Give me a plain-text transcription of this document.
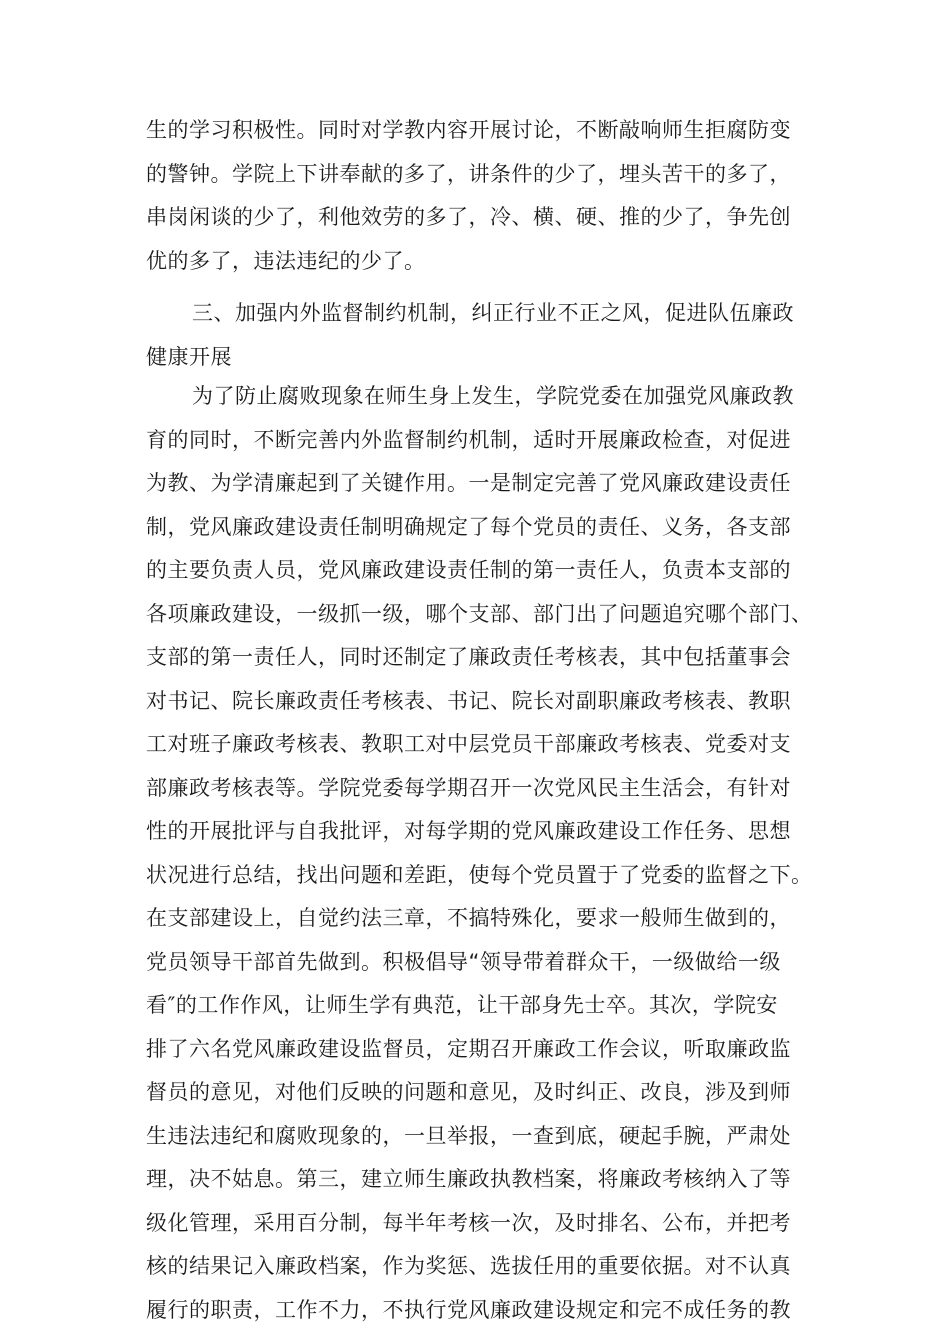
生的学习积极性。同时对学教内容开展讨论，不断敲响师生拒腐防变
的警钟。学院上下讲奉献的多了，讲条件的少了，埋头苦干的多了，
串岗闲谈的少了，利他效劳的多了，冷、横、硬、推的少了，争先创
优的多了，违法违纪的少了。
三、加强内外监督制约机制，纠正行业不正之风，促进队伍廉政
健康开展
为了防止腐败现象在师生身上发生，学院党委在加强党风廉政教
育的同时，不断完善内外监督制约机制，适时开展廉政检查，对促进
为教、为学清廉起到了关键作用。一是制定完善了党风廉政建设责任
制，党风廉政建设责任制明确规定了每个党员的责任、义务，各支部
的主要负责人员，党风廉政建设责任制的第一责任人，负责本支部的
各项廉政建设，一级抓一级，哪个支部、部门出了问题追究哪个部门、
支部的第一责任人，同时还制定了廉政责任考核表，其中包括董事会
对书记、院长廉政责任考核表、书记、院长对副职廉政考核表、教职
工对班子廉政考核表、教职工对中层党员干部廉政考核表、党委对支
部廉政考核表等。学院党委每学期召开一次党风民主生活会，有针对
性的开展批评与自我批评，对每学期的党风廉政建设工作任务、思想
状况进行总结，找出问题和差距，使每个党员置于了党委的监督之下。
在支部建设上，自觉约法三章，不搞特殊化，要求一般师生做到的，
党员领导干部首先做到。积极倡导“领导带着群众干，一级做给一级
看″的工作作风，让师生学有典范，让干部身先士卒。其次，学院安
排了六名党风廉政建设监督员，定期召开廉政工作会议，听取廉政监
督员的意见，对他们反映的问题和意见，及时纠正、改良，涉及到师
生违法违纪和腐败现象的，一旦举报，一查到底，硬起手腕，严肃处
理，决不姑息。第三，建立师生廉政执教档案，将廉政考核纳入了等
级化管理，采用百分制，每半年考核一次，及时排名、公布，并把考
核的结果记入廉政档案，作为奖惩、选拔任用的重要依据。对不认真
履行的职责，工作不力，不执行党风廉政建设规定和完不成任务的教
